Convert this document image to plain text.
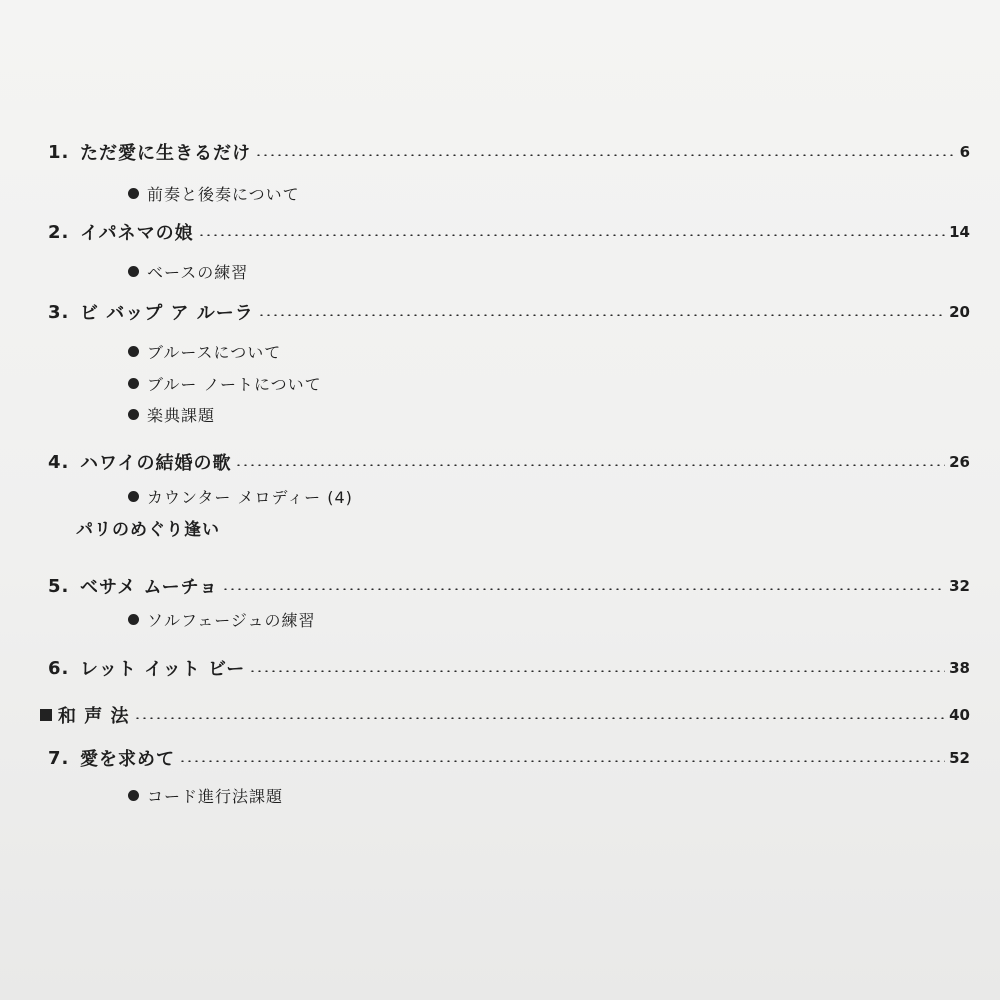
1. ただ愛に生きるだけ	6
前奏と後奏について
2. イパネマの娘	14
ベースの練習
3. ビ バップ ア ルーラ	20
ブルースについて
ブルー ノートについて
楽典課題
4. ハワイの結婚の歌	26
カウンター メロディー (4)
パリのめぐり逢い
5. ベサメ ムーチョ	32
ソルフェージュの練習
6. レット イット ビー	38
和 声 法	40
7. 愛を求めて	52
コード進行法課題
